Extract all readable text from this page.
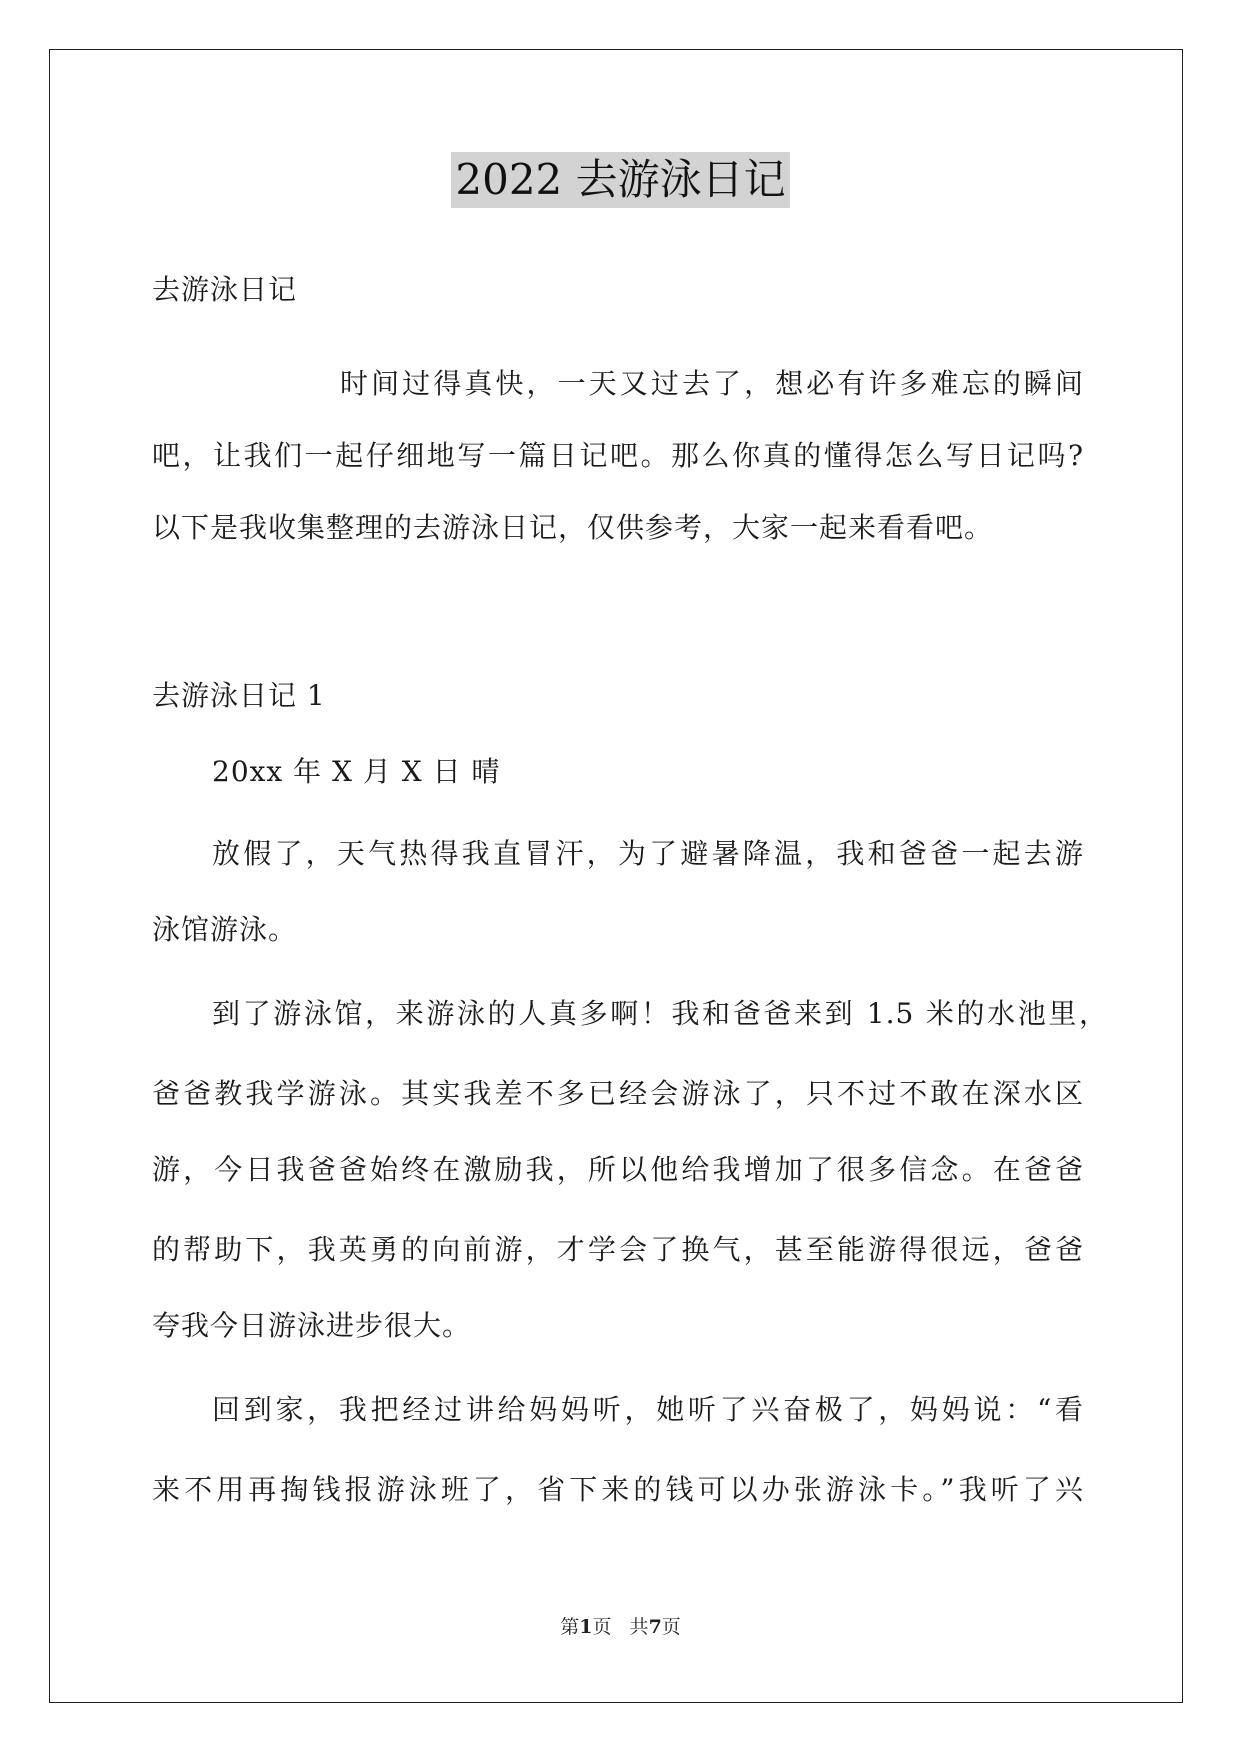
2022 去游泳日记
去游泳日记
时间过得真快，一天又过去了，想必有许多难忘的瞬间
吧，让我们一起仔细地写一篇日记吧。那么你真的懂得怎么写日记吗?
以下是我收集整理的去游泳日记，仅供参考，大家一起来看看吧。
去游泳日记 1
20xx 年 X 月 X 日 晴
放假了，天气热得我直冒汗，为了避暑降温，我和爸爸一起去游
泳馆游泳。
到了游泳馆，来游泳的人真多啊！我和爸爸来到 1.5 米的水池里，
爸爸教我学游泳。其实我差不多已经会游泳了，只不过不敢在深水区
游，今日我爸爸始终在激励我，所以他给我增加了很多信念。在爸爸
的帮助下，我英勇的向前游，才学会了换气，甚至能游得很远，爸爸
夸我今日游泳进步很大。
回到家，我把经过讲给妈妈听，她听了兴奋极了，妈妈说：“看
来不用再掏钱报游泳班了，省下来的钱可以办张游泳卡。”我听了兴
第1页   共7页
